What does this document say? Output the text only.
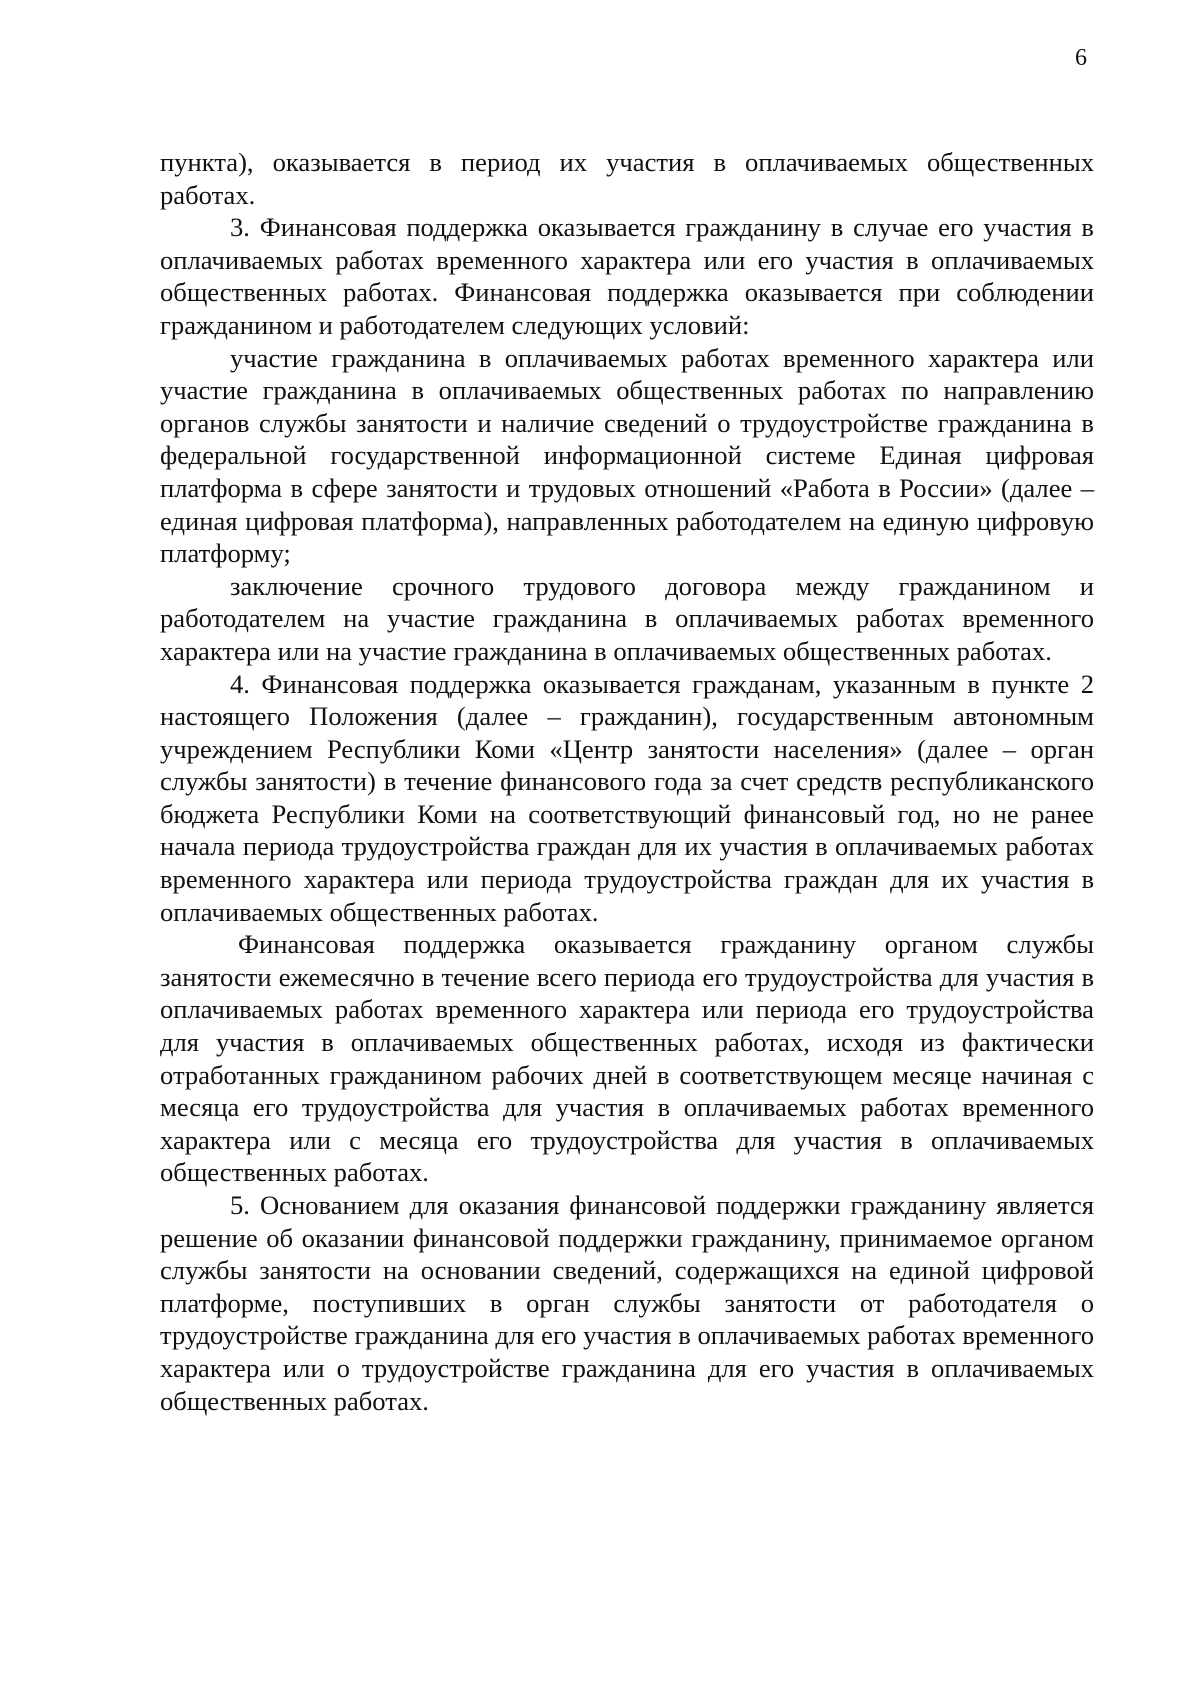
6

пункта), оказывается в период их участия в оплачиваемых общественных работах.

3. Финансовая поддержка оказывается гражданину в случае его участия в оплачиваемых работах временного характера или его участия в оплачиваемых общественных работах. Финансовая поддержка оказывается при соблюдении гражданином и работодателем следующих условий:

участие гражданина в оплачиваемых работах временного характера или участие гражданина в оплачиваемых общественных работах по направлению органов службы занятости и наличие сведений о трудоустройстве гражданина в федеральной государственной информационной системе Единая цифровая платформа в сфере занятости и трудовых отношений «Работа в России» (далее – единая цифровая платформа), направленных работодателем на единую цифровую платформу;

заключение срочного трудового договора между гражданином и работодателем на участие гражданина в оплачиваемых работах временного характера или на участие гражданина в оплачиваемых общественных работах.

4. Финансовая поддержка оказывается гражданам, указанным в пункте 2 настоящего Положения (далее – гражданин), государственным автономным учреждением Республики Коми «Центр занятости населения» (далее – орган службы занятости) в течение финансового года за счет средств республиканского бюджета Республики Коми на соответствующий финансовый год, но не ранее начала периода трудоустройства граждан для их участия в оплачиваемых работах временного характера или периода трудоустройства граждан для их участия в оплачиваемых общественных работах.

Финансовая поддержка оказывается гражданину органом службы занятости ежемесячно в течение всего периода его трудоустройства для участия в оплачиваемых работах временного характера или периода его трудоустройства для участия в оплачиваемых общественных работах, исходя из фактически отработанных гражданином рабочих дней в соответствующем месяце начиная с месяца его трудоустройства для участия в оплачиваемых работах временного характера или с месяца его трудоустройства для участия в оплачиваемых общественных работах.

5. Основанием для оказания финансовой поддержки гражданину является решение об оказании финансовой поддержки гражданину, принимаемое органом службы занятости на основании сведений, содержащихся на единой цифровой платформе, поступивших в орган службы занятости от работодателя о трудоустройстве гражданина для его участия в оплачиваемых работах временного характера или о трудоустройстве гражданина для его участия в оплачиваемых общественных работах.
